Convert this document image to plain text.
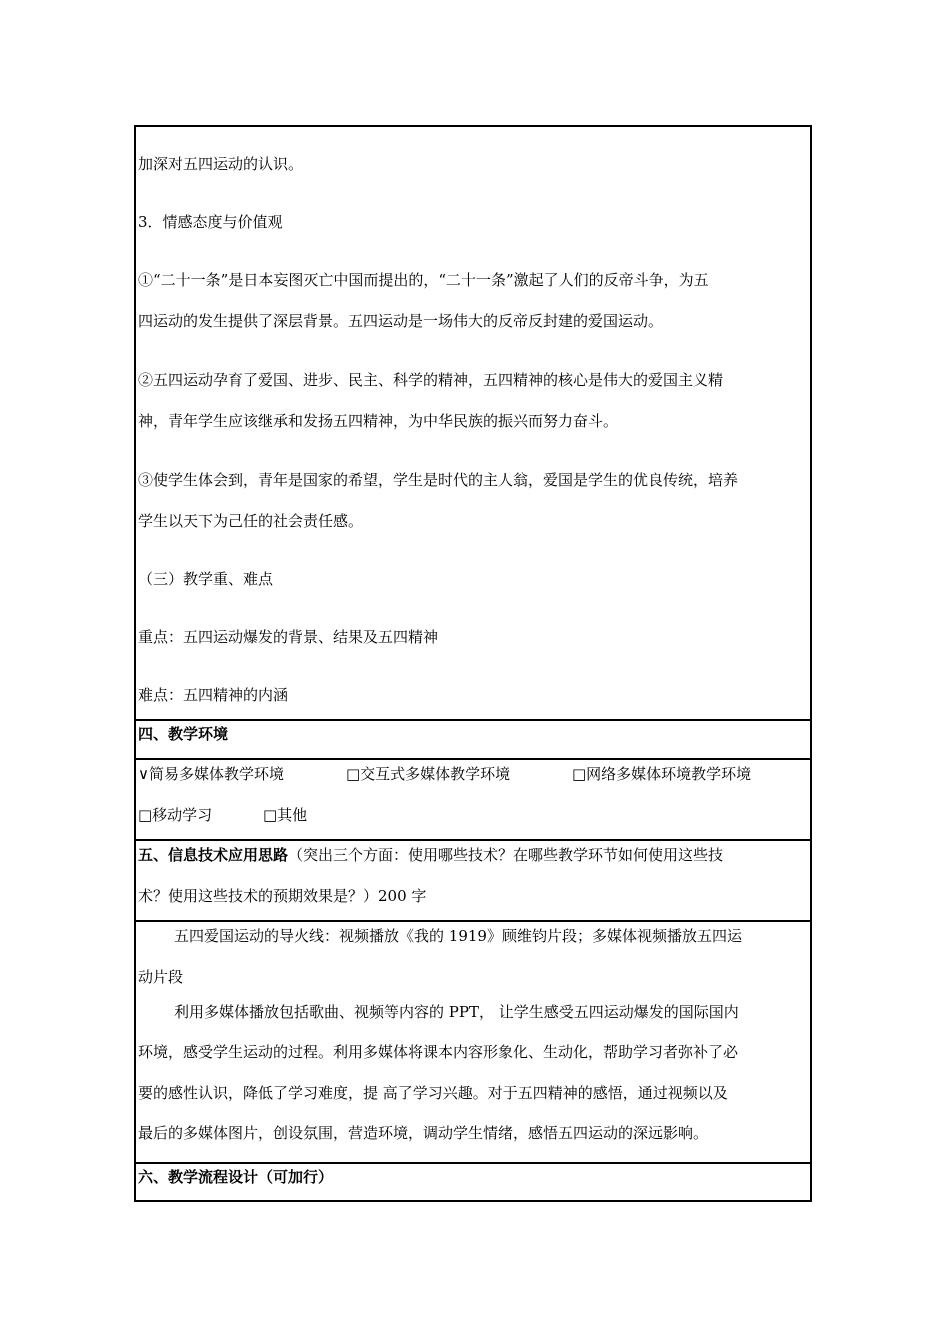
加深对五四运动的认识。
3．情感态度与价值观
①“二十一条”是日本妄图灭亡中国而提出的，“二十一条”激起了人们的反帝斗争，为五
四运动的发生提供了深层背景。五四运动是一场伟大的反帝反封建的爱国运动。
②五四运动孕育了爱国、进步、民主、科学的精神，五四精神的核心是伟大的爱国主义精
神，青年学生应该继承和发扬五四精神，为中华民族的振兴而努力奋斗。
③使学生体会到，青年是国家的希望，学生是时代的主人翁，爱国是学生的优良传统，培养
学生以天下为己任的社会责任感。
（三）教学重、难点
重点：五四运动爆发的背景、结果及五四精神
难点：五四精神的内涵
四、教学环境
∨简易多媒体教学环境	□交互式多媒体教学环境	□网络多媒体环境教学环境
□移动学习	□其他
五、信息技术应用思路（突出三个方面：使用哪些技术？在哪些教学环节如何使用这些技
术？使用这些技术的预期效果是？）200 字
五四爱国运动的导火线：视频播放《我的 1919》顾维钧片段；多媒体视频播放五四运
动片段
利用多媒体播放包括歌曲、视频等内容的 PPT， 让学生感受五四运动爆发的国际国内
环境，感受学生运动的过程。利用多媒体将课本内容形象化、生动化，帮助学习者弥补了必
要的感性认识，降低了学习难度，提 高了学习兴趣。对于五四精神的感悟，通过视频以及
最后的多媒体图片，创设氛围，营造环境，调动学生情绪，感悟五四运动的深远影响。
六、教学流程设计（可加行）
